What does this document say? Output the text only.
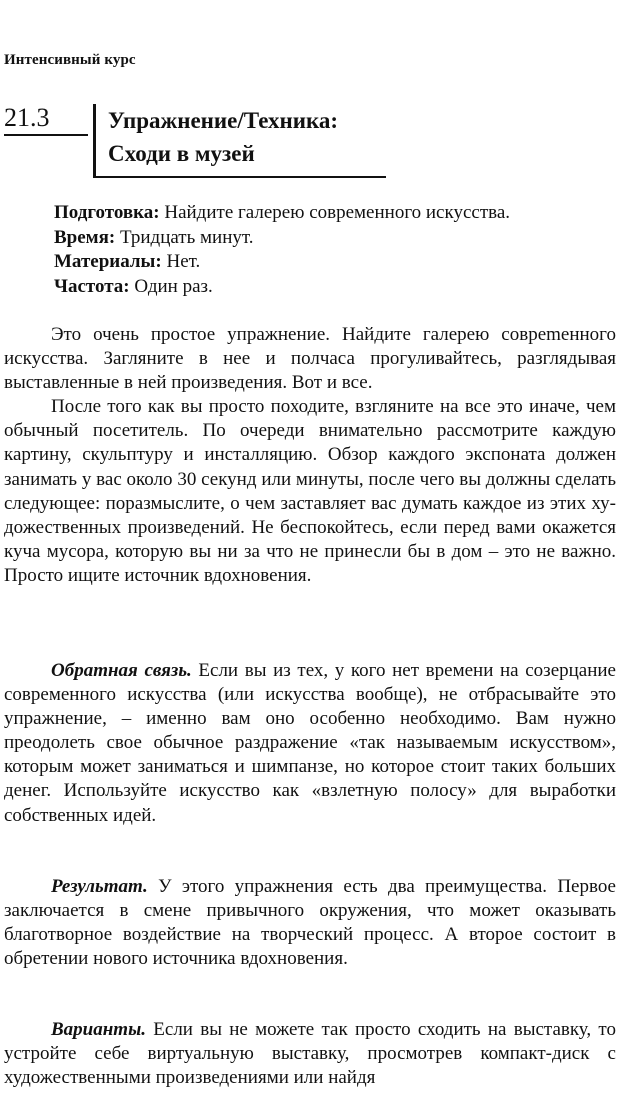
Интенсивный курс
21.3	Упражнение/Техника:
Сходи в музей
Подготовка: Найдите галерею современного искусства.
Время: Тридцать минут.
Материалы: Нет.
Частота: Один раз.

Это очень простое упражнение. Найдите галерею совреmенного искусства. Загляните в нее и полчаса прогуливайтесь, разглядывая выставленные в ней произведения. Вот и все.

После того как вы просто походите, взгляните на все это иначе, чем обычный посетитель. По очереди внимательно рассмотрите каждую картину, скульптуру и инсталляцию. Обзор каждого экспоната должен занимать у вас около 30 секунд или минуты, после чего вы должны сделать следующее: поразмыслите, о чем заставляет вас думать каждое из этих художественных произведений. Не беспокойтесь, если перед вами окажется куча мусора, которую вы ни за что не принесли бы в дом – это не важно. Просто ищите источник вдохновения.

Обратная связь. Если вы из тех, у кого нет времени на созерцание современного искусства (или искусства вообще), не отбрасывайте это упражнение, – именно вам оно особенно необходимо. Вам нужно преодолеть свое обычное раздражение «так называемым искусством», которым может заниматься и шимпанзе, но которое стоит таких больших денег. Используйте искусство как «взлетную полосу» для выработки собственных идей.

Результат. У этого упражнения есть два преимущества. Первое заключается в смене привычного окружения, что может оказывать благотворное воздействие на творческий процесс. А второе состоит в обретении нового источника вдохновения.

Варианты. Если вы не можете так просто сходить на выставку, то устройте себе виртуальную выставку, просмотрев компакт-диск с художественными произведениями или найдя
